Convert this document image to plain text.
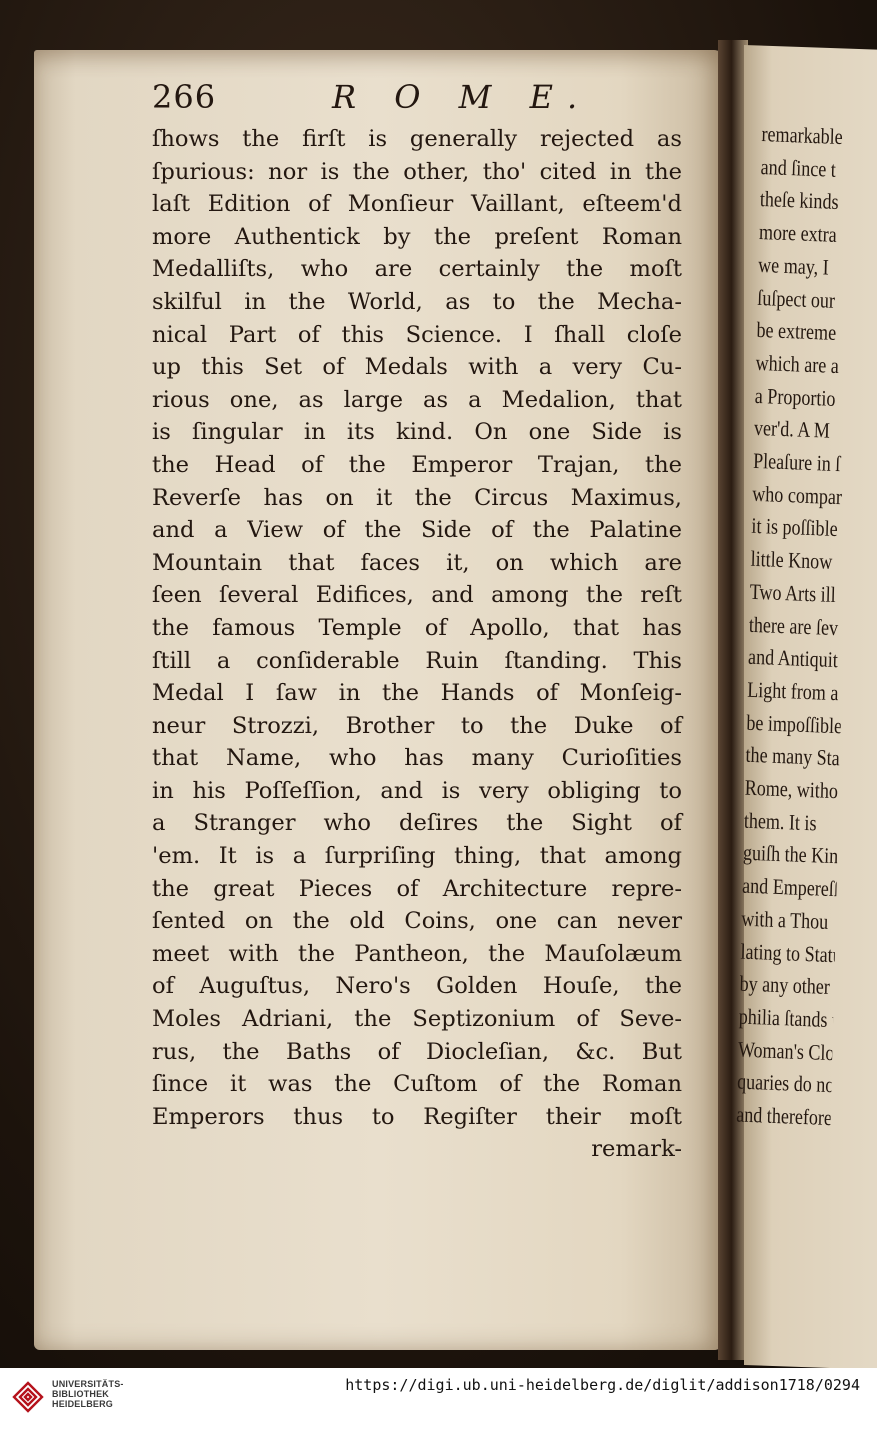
266	R O M E.
ſhows the firſt is generally rejected as
ſpurious: nor is the other, tho' cited in the
laſt Edition of Monſieur Vaillant, eſteem'd
more Authentick by the preſent Roman
Medalliſts, who are certainly the moſt
skilful in the World, as to the Mecha-
nical Part of this Science. I ſhall cloſe
up this Set of Medals with a very Cu-
rious one, as large as a Medalion, that
is ſingular in its kind. On one Side is
the Head of the Emperor Trajan, the
Reverſe has on it the Circus Maximus,
and a View of the Side of the Palatine
Mountain that faces it, on which are
ſeen ſeveral Edifices, and among the reſt
the famous Temple of Apollo, that has
ſtill a conſiderable Ruin ſtanding. This
Medal I ſaw in the Hands of Monſeig-
neur Strozzi, Brother to the Duke of
that Name, who has many Curioſities
in his Poſſeſſion, and is very obliging to
a Stranger who deſires the Sight of
'em. It is a ſurpriſing thing, that among
the great Pieces of Architecture repre-
ſented on the old Coins, one can never
meet with the Pantheon, the Mauſolæum
of Auguſtus, Nero's Golden Houſe, the
Moles Adriani, the Septizonium of Seve-
rus, the Baths of Diocleſian, &c. But
ſince it was the Cuſtom of the Roman
Emperors thus to Regiſter their moſt
remark-
remarkable
and ſince t
theſe kinds
more extra
we may, I
ſuſpect our
be extreme
which are a
a Proportio
ver'd. A M
Pleaſure in ſ
who compar
it is poſſible
little Know
Two Arts ill
there are ſev
and Antiquit
Light from a
be impoſſible
the many Sta
Rome, witho
them. It is
guiſh the Kin
and Empereſſe
with a Thou
lating to Statu
by any other M
philia ſtands t
Woman's Clo
quaries do not
and therefore p
UNIVERSITÄTS-
BIBLIOTHEK
HEIDELBERG
https://digi.ub.uni-heidelberg.de/diglit/addison1718/0294
